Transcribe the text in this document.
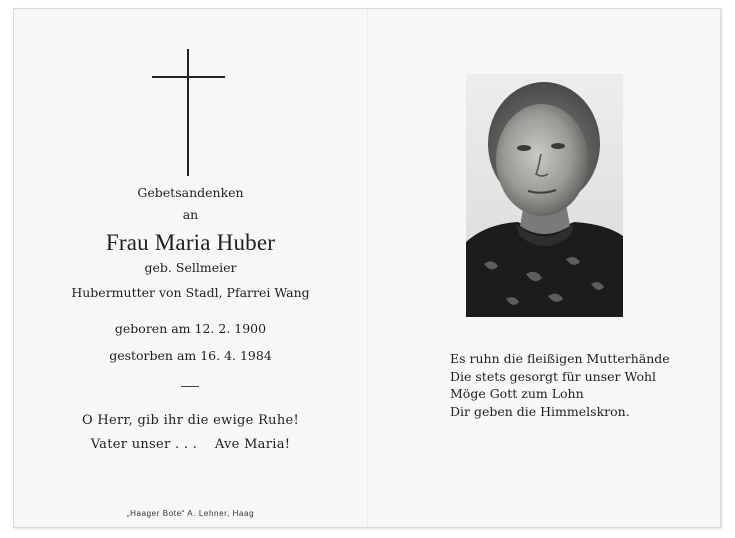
Gebetsandenken
an
Frau Maria Huber
geb. Sellmeier
Hubermutter von Stadl, Pfarrei Wang
geboren am 12. 2. 1900
gestorben am 16. 4. 1984
O Herr, gib ihr die ewige Ruhe!
Vater unser . . .    Ave Maria!
„Haager Bote“ A. Lehner, Haag
Es ruhn die fleißigen Mutterhände
Die stets gesorgt für unser Wohl
Möge Gott zum Lohn
Dir geben die Himmelskron.
